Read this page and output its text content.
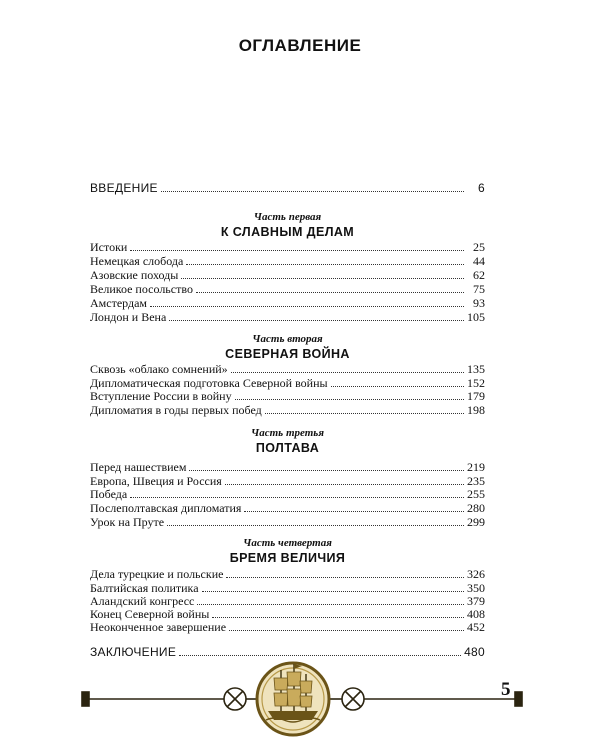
ОГЛАВЛЕНИЕ
ВВЕДЕНИЕ	6
Часть первая
К СЛАВНЫМ ДЕЛАМ
Истоки	25
Немецкая слобода	44
Азовские походы	62
Великое посольство	75
Амстердам	93
Лондон и Вена	105
Часть вторая
СЕВЕРНАЯ ВОЙНА
Сквозь «облако сомнений»	135
Дипломатическая подготовка Северной войны	152
Вступление России в войну	179
Дипломатия в годы первых побед	198
Часть третья
ПОЛТАВА
Перед нашествием	219
Европа, Швеция и Россия	235
Победа	255
Послеполтавская дипломатия	280
Урок на Пруте	299
Часть четвертая
БРЕМЯ ВЕЛИЧИЯ
Дела турецкие и польские	326
Балтийская политика	350
Аландский конгресс	379
Конец Северной войны	408
Неоконченное завершение	452
ЗАКЛЮЧЕНИЕ	480
5
